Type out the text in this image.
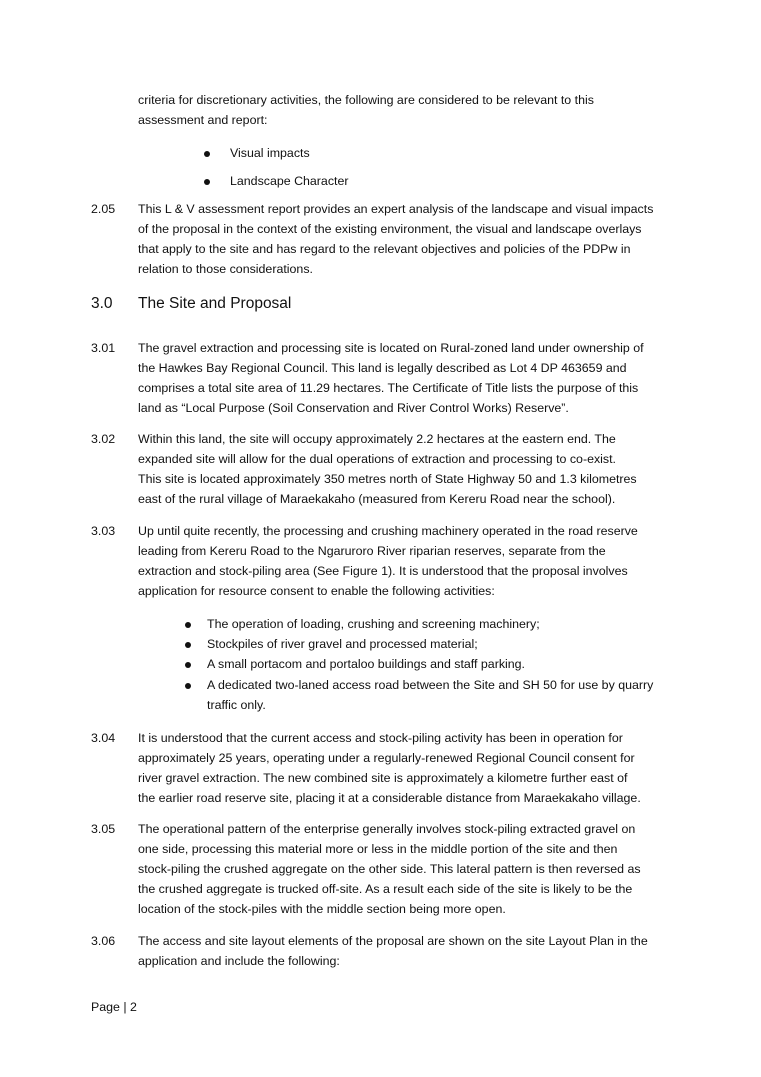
criteria for discretionary activities, the following are considered to be relevant to this
assessment and report:
Visual impacts
Landscape Character
2.05 This L & V assessment report provides an expert analysis of the landscape and visual impacts
of the proposal in the context of the existing environment, the visual and landscape overlays
that apply to the site and has regard to the relevant objectives and policies of the PDPw in
relation to those considerations.
3.0 The Site and Proposal
3.01 The gravel extraction and processing site is located on Rural-zoned land under ownership of
the Hawkes Bay Regional Council. This land is legally described as Lot 4 DP 463659 and
comprises a total site area of 11.29 hectares. The Certificate of Title lists the purpose of this
land as “Local Purpose (Soil Conservation and River Control Works) Reserve”.
3.02 Within this land, the site will occupy approximately 2.2 hectares at the eastern end. The
expanded site will allow for the dual operations of extraction and processing to co-exist.
This site is located approximately 350 metres north of State Highway 50 and 1.3 kilometres
east of the rural village of Maraekakaho (measured from Kereru Road near the school).
3.03 Up until quite recently, the processing and crushing machinery operated in the road reserve
leading from Kereru Road to the Ngaruroro River riparian reserves, separate from the
extraction and stock-piling area (See Figure 1). It is understood that the proposal involves
application for resource consent to enable the following activities:
The operation of loading, crushing and screening machinery;
Stockpiles of river gravel and processed material;
A small portacom and portaloo buildings and staff parking.
A dedicated two-laned access road between the Site and SH 50 for use by quarry
traffic only.
3.04 It is understood that the current access and stock-piling activity has been in operation for
approximately 25 years, operating under a regularly-renewed Regional Council consent for
river gravel extraction. The new combined site is approximately a kilometre further east of
the earlier road reserve site, placing it at a considerable distance from Maraekakaho village.
3.05 The operational pattern of the enterprise generally involves stock-piling extracted gravel on
one side, processing this material more or less in the middle portion of the site and then
stock-piling the crushed aggregate on the other side. This lateral pattern is then reversed as
the crushed aggregate is trucked off-site. As a result each side of the site is likely to be the
location of the stock-piles with the middle section being more open.
3.06 The access and site layout elements of the proposal are shown on the site Layout Plan in the
application and include the following:
Page | 2
